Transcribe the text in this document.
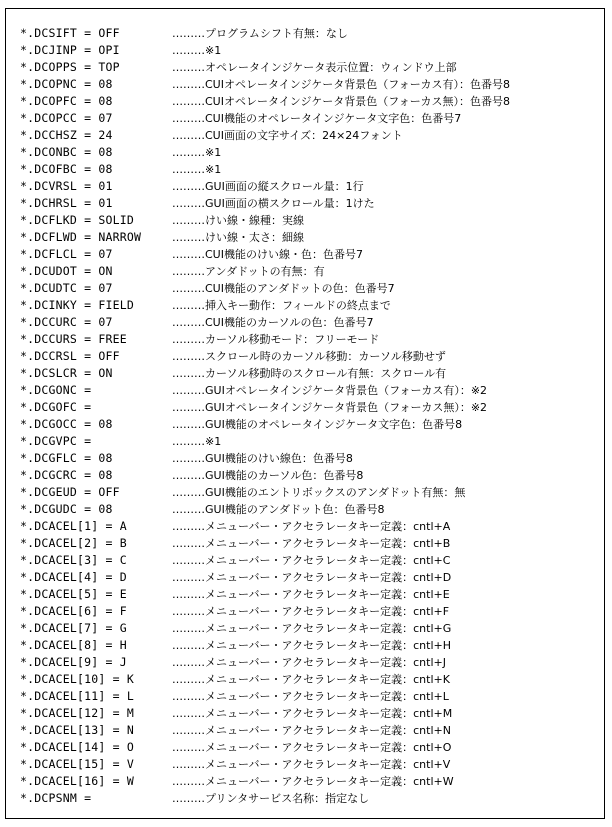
*.DCSIFT = OFF	………プログラムシフト有無：なし
*.DCJINP = OPI	………※1
*.DCOPPS = TOP	………オペレータインジケータ表示位置：ウィンドウ上部
*.DCOPNC = 08	………CUIオペレータインジケータ背景色（フォーカス有）：色番号8
*.DCOPFC = 08	………CUIオペレータインジケータ背景色（フォーカス無）：色番号8
*.DCOPCC = 07	………CUI機能のオペレータインジケータ文字色：色番号7
*.DCCHSZ = 24	………CUI画面の文字サイズ：24×24フォント
*.DCONBC = 08	………※1
*.DCOFBC = 08	………※1
*.DCVRSL = 01	………GUI画面の縦スクロール量：1行
*.DCHRSL = 01	………GUI画面の横スクロール量：1けた
*.DCFLKD = SOLID	………けい線・線種：実線
*.DCFLWD = NARROW	………けい線・太さ：細線
*.DCFLCL = 07	………CUI機能のけい線・色：色番号7
*.DCUDOT = ON	………アンダドットの有無：有
*.DCUDTC = 07	………CUI機能のアンダドットの色：色番号7
*.DCINKY = FIELD	………挿入キー動作：フィールドの終点まで
*.DCCURC = 07	………CUI機能のカーソルの色：色番号7
*.DCCURS = FREE	………カーソル移動モード：フリーモード
*.DCCRSL = OFF	………スクロール時のカーソル移動：カーソル移動せず
*.DCSLCR = ON	………カーソル移動時のスクロール有無：スクロール有
*.DCGONC =	………GUIオペレータインジケータ背景色（フォーカス有）：※2
*.DCGOFC =	………GUIオペレータインジケータ背景色（フォーカス無）：※2
*.DCGOCC = 08	………GUI機能のオペレータインジケータ文字色：色番号8
*.DCGVPC =	………※1
*.DCGFLC = 08	………GUI機能のけい線色：色番号8
*.DCGCRC = 08	………GUI機能のカーソル色：色番号8
*.DCGEUD = OFF	………GUI機能のエントリボックスのアンダドット有無：無
*.DCGUDC = 08	………GUI機能のアンダドット色：色番号8
*.DCACEL[1] = A	………メニューバー・アクセラレータキー定義：cntl+A
*.DCACEL[2] = B	………メニューバー・アクセラレータキー定義：cntl+B
*.DCACEL[3] = C	………メニューバー・アクセラレータキー定義：cntl+C
*.DCACEL[4] = D	………メニューバー・アクセラレータキー定義：cntl+D
*.DCACEL[5] = E	………メニューバー・アクセラレータキー定義：cntl+E
*.DCACEL[6] = F	………メニューバー・アクセラレータキー定義：cntl+F
*.DCACEL[7] = G	………メニューバー・アクセラレータキー定義：cntl+G
*.DCACEL[8] = H	………メニューバー・アクセラレータキー定義：cntl+H
*.DCACEL[9] = J	………メニューバー・アクセラレータキー定義：cntl+J
*.DCACEL[10] = K	………メニューバー・アクセラレータキー定義：cntl+K
*.DCACEL[11] = L	………メニューバー・アクセラレータキー定義：cntl+L
*.DCACEL[12] = M	………メニューバー・アクセラレータキー定義：cntl+M
*.DCACEL[13] = N	………メニューバー・アクセラレータキー定義：cntl+N
*.DCACEL[14] = O	………メニューバー・アクセラレータキー定義：cntl+O
*.DCACEL[15] = V	………メニューバー・アクセラレータキー定義：cntl+V
*.DCACEL[16] = W	………メニューバー・アクセラレータキー定義：cntl+W
*.DCPSNM =	………プリンタサービス名称：指定なし
